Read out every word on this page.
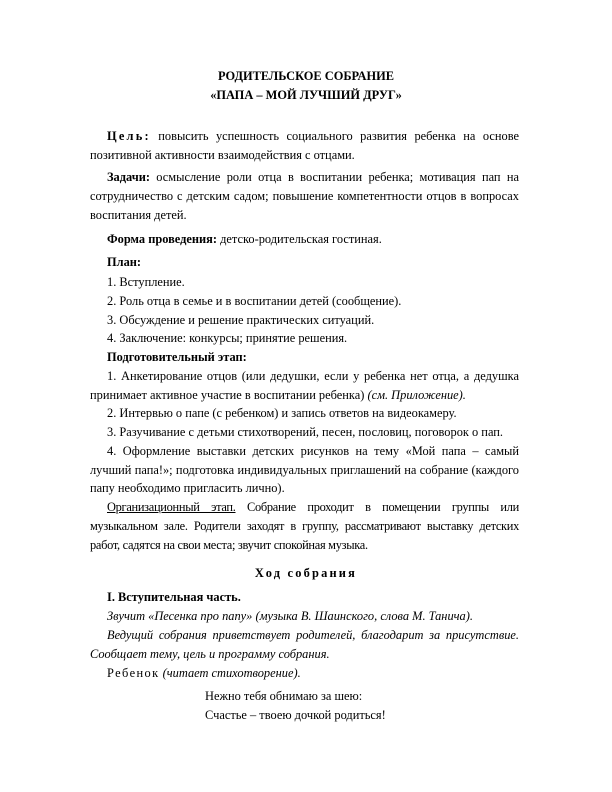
РОДИТЕЛЬСКОЕ СОБРАНИЕ
«ПАПА – МОЙ ЛУЧШИЙ ДРУГ»
Цель: повысить успешность социального развития ребенка на основе
позитивной активности взаимодействия с отцами.
Задачи: осмысление роли отца в воспитании ребенка; мотивация пап на
сотрудничество с детским садом; повышение компетентности отцов в вопросах
воспитания детей.
Форма проведения: детско-родительская гостиная.
План:
1. Вступление.
2. Роль отца в семье и в воспитании детей (сообщение).
3. Обсуждение и решение практических ситуаций.
4. Заключение: конкурсы; принятие решения.
Подготовительный этап:
1. Анкетирование отцов (или дедушки, если у ребенка нет отца, а дедушка
принимает активное участие в воспитании ребенка) (см. Приложение).
2. Интервью о папе (с ребенком) и запись ответов на видеокамеру.
3. Разучивание с детьми стихотворений, песен, пословиц, поговорок о пап.
4. Оформление выставки детских рисунков на тему «Мой папа – самый
лучший папа!»; подготовка индивидуальных приглашений на собрание (каждого
папу необходимо пригласить лично).
Организационный этап. Собрание проходит в помещении группы или
музыкальном зале. Родители заходят в группу, рассматривают выставку детских
работ, садятся на свои места; звучит спокойная музыка.
Ход собрания
I. Вступительная часть.
Звучит «Песенка про папу» (музыка В. Шаинского, слова М. Танича).
Ведущий собрания приветствует родителей, благодарит за присутствие.
Сообщает тему, цель и программу собрания.
Ребенок (читает стихотворение).
Нежно тебя обнимаю за шею:
Счастье – твоею дочкой родиться!
